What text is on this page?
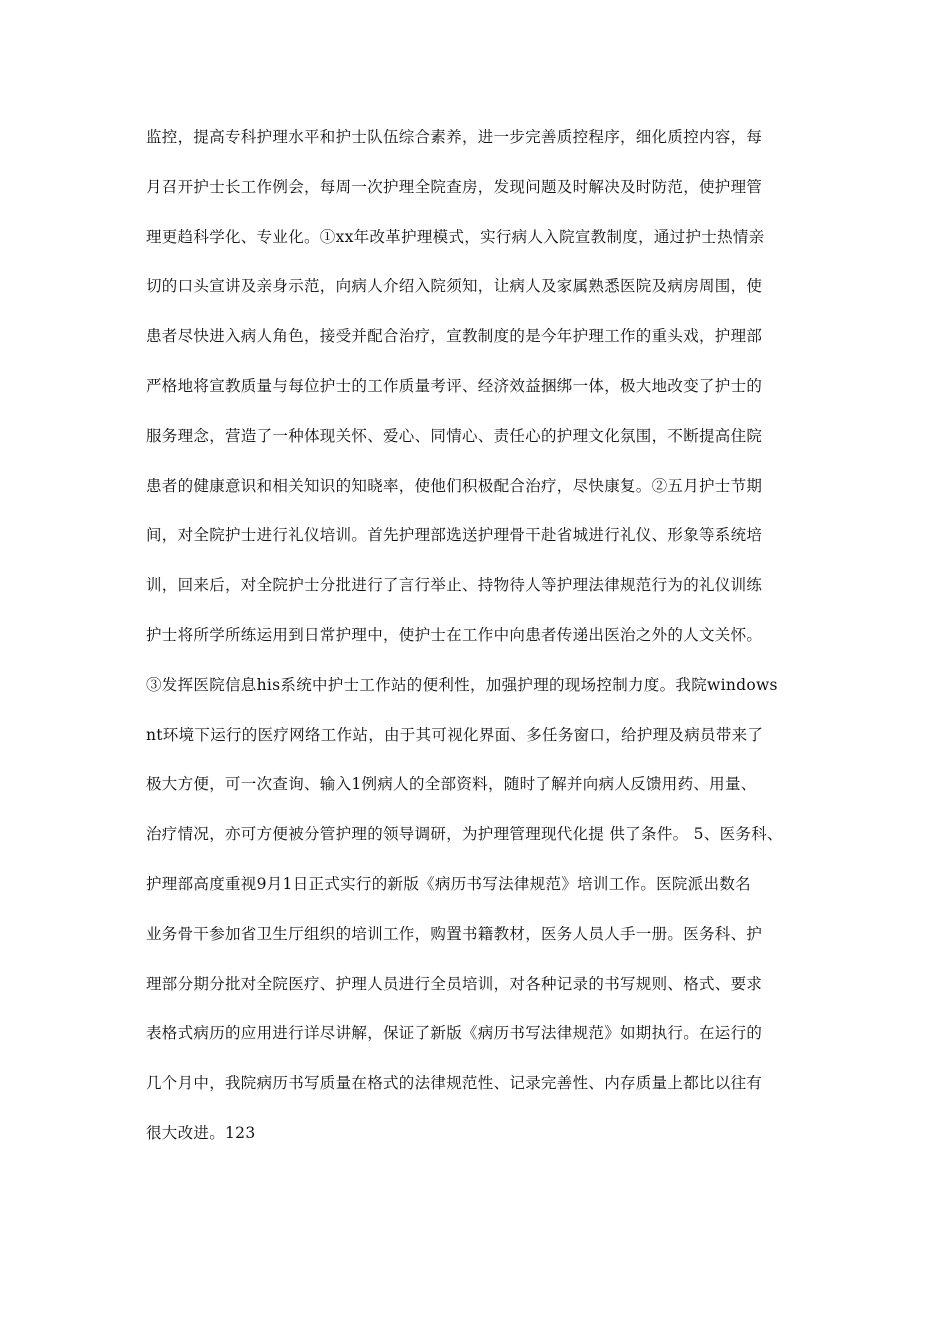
监控，提高专科护理水平和护士队伍综合素养，进一步完善质控程序，细化质控内容，每
月召开护士长工作例会，每周一次护理全院查房，发现问题及时解决及时防范，使护理管
理更趋科学化、专业化。①xx年改革护理模式，实行病人入院宣教制度，通过护士热情亲
切的口头宣讲及亲身示范，向病人介绍入院须知，让病人及家属熟悉医院及病房周围，使
患者尽快进入病人角色，接受并配合治疗，宣教制度的是今年护理工作的重头戏，护理部
严格地将宣教质量与每位护士的工作质量考评、经济效益捆绑一体，极大地改变了护士的
服务理念，营造了一种体现关怀、爱心、同情心、责任心的护理文化氛围，不断提高住院
患者的健康意识和相关知识的知晓率，使他们积极配合治疗，尽快康复。②五月护士节期
间，对全院护士进行礼仪培训。首先护理部选送护理骨干赴省城进行礼仪、形象等系统培
训，回来后，对全院护士分批进行了言行举止、持物待人等护理法律规范行为的礼仪训练
护士将所学所练运用到日常护理中，使护士在工作中向患者传递出医治之外的人文关怀。
③发挥医院信息his系统中护士工作站的便利性，加强护理的现场控制力度。我院windows
nt环境下运行的医疗网络工作站，由于其可视化界面、多任务窗口，给护理及病员带来了
极大方便，可一次查询、输入1例病人的全部资料，随时了解并向病人反馈用药、用量、
治疗情况，亦可方便被分管护理的领导调研，为护理管理现代化提 供了条件。 5、医务科、
护理部高度重视9月1日正式实行的新版《病历书写法律规范》培训工作。医院派出数名
业务骨干参加省卫生厅组织的培训工作，购置书籍教材，医务人员人手一册。医务科、护
理部分期分批对全院医疗、护理人员进行全员培训，对各种记录的书写规则、格式、要求
表格式病历的应用进行详尽讲解，保证了新版《病历书写法律规范》如期执行。在运行的
几个月中，我院病历书写质量在格式的法律规范性、记录完善性、内存质量上都比以往有
很大改进。123
